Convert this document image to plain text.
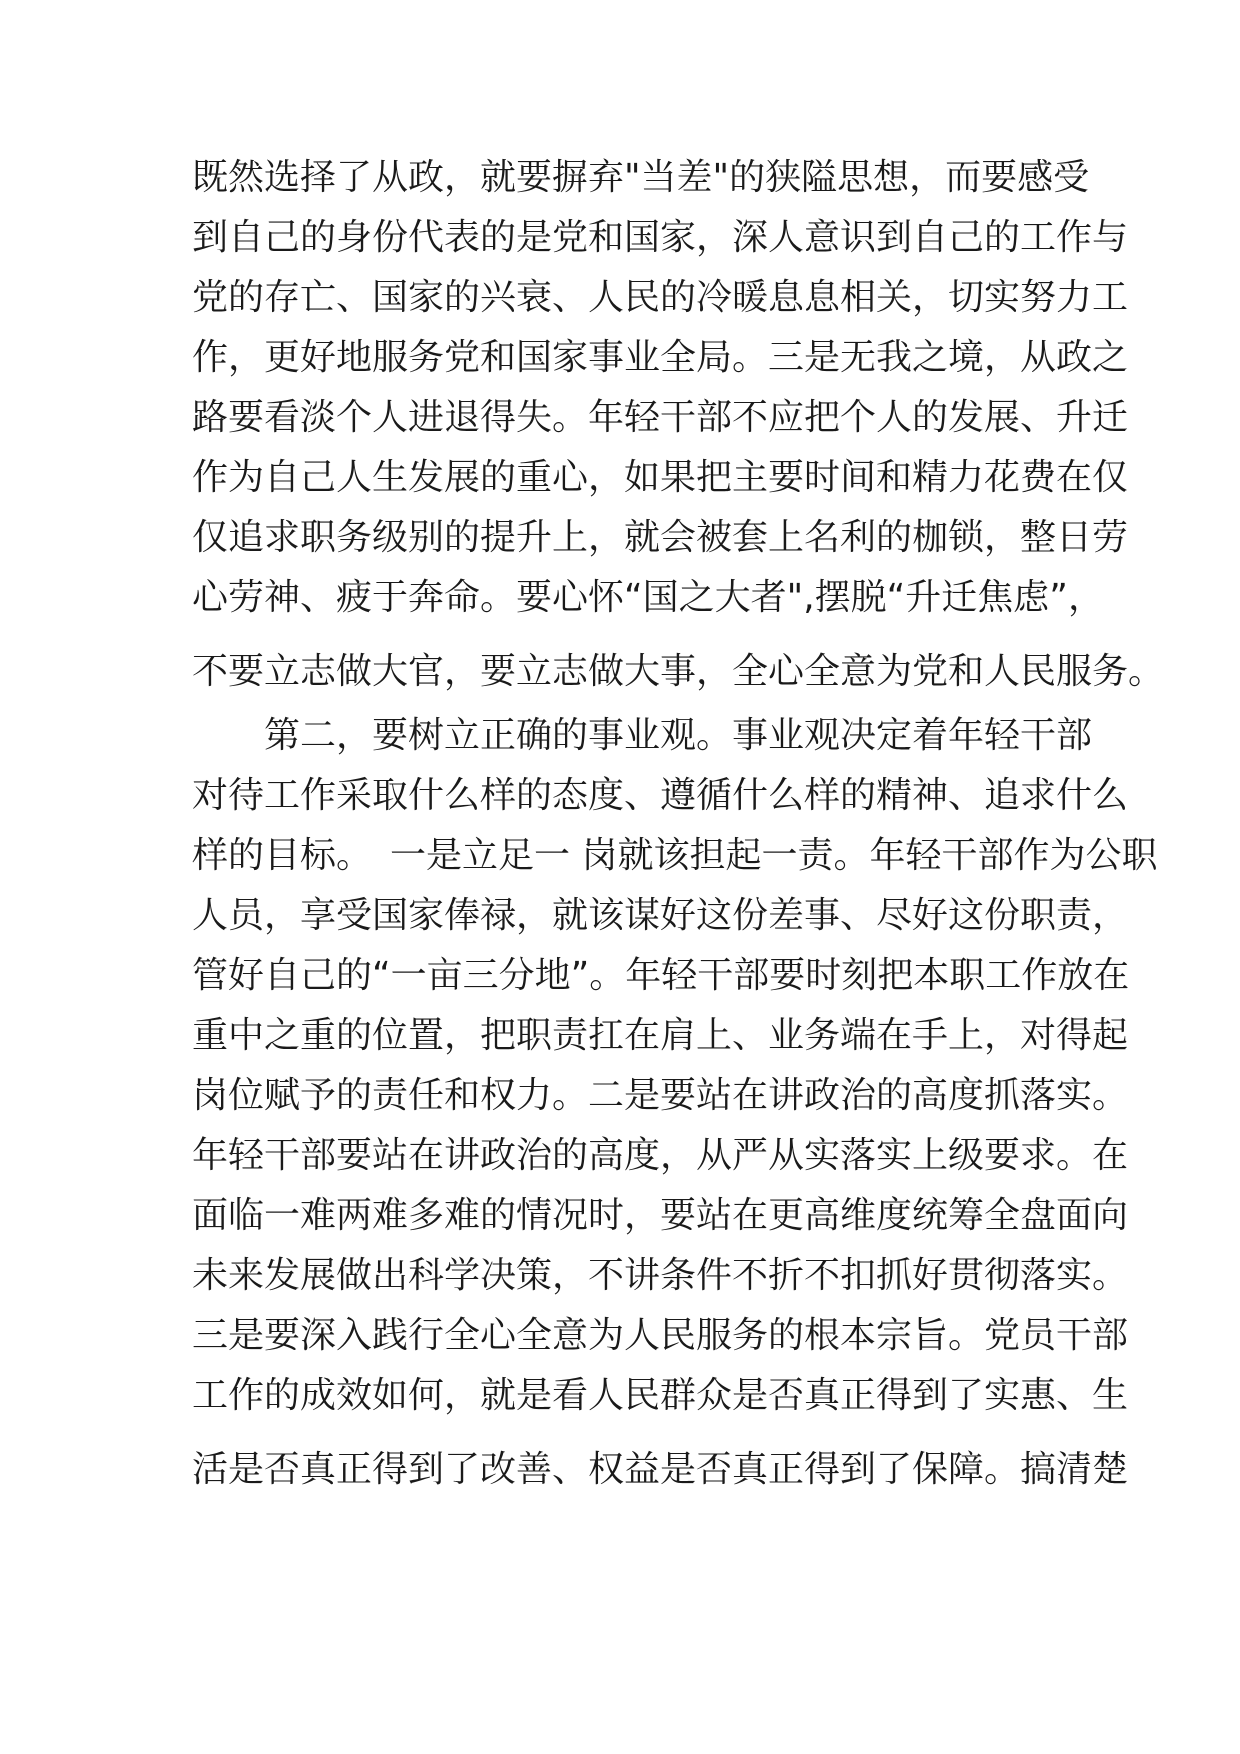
既然选择了从政，就要摒弃"当差"的狭隘思想，而要感受
到自己的身份代表的是党和国家，深人意识到自己的工作与
党的存亡、国家的兴衰、人民的冷暖息息相关，切实努力工
作，更好地服务党和国家事业全局。三是无我之境，从政之
路要看淡个人进退得失。年轻干部不应把个人的发展、升迁
作为自己人生发展的重心，如果把主要时间和精力花费在仅
仅追求职务级别的提升上，就会被套上名利的枷锁，整日劳
心劳神、疲于奔命。要心怀“国之大者",摆脱“升迁焦虑”，
不要立志做大官，要立志做大事，全心全意为党和人民服务。
　　第二，要树立正确的事业观。事业观决定着年轻干部
对待工作采取什么样的态度、遵循什么样的精神、追求什么
样的目标。　一是立足一 岗就该担起一责。年轻干部作为公职
人员，享受国家俸禄，就该谋好这份差事、尽好这份职责，
管好自己的“一亩三分地”。年轻干部要时刻把本职工作放在
重中之重的位置，把职责扛在肩上、业务端在手上，对得起
岗位赋予的责任和权力。二是要站在讲政治的高度抓落实。
年轻干部要站在讲政治的高度，从严从实落实上级要求。在
面临一难两难多难的情况时，要站在更高维度统筹全盘面向
未来发展做出科学决策，不讲条件不折不扣抓好贯彻落实。
三是要深入践行全心全意为人民服务的根本宗旨。党员干部
工作的成效如何，就是看人民群众是否真正得到了实惠、生
活是否真正得到了改善、权益是否真正得到了保障。搞清楚
